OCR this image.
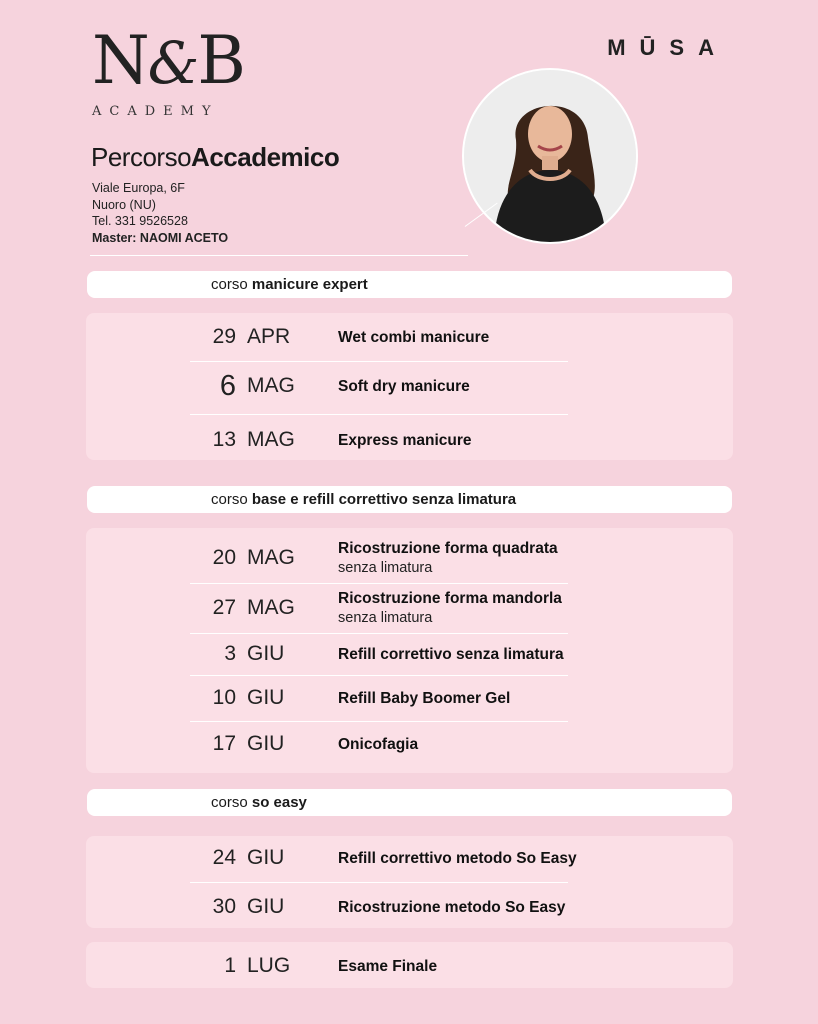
N&B
ACADEMY
MŪSA
PercorsoAccademico
Viale Europa, 6F
Nuoro (NU)
Tel. 331 9526528
Master: NAOMI ACETO
corso manicure expert
29 APR	Wet combi manicure
6 MAG	Soft dry manicure
13 MAG	Express manicure
corso base e refill correttivo senza limatura
20 MAG	Ricostruzione forma quadrata
senza limatura
27 MAG	Ricostruzione forma mandorla
senza limatura
3 GIU	Refill correttivo senza limatura
10 GIU	Refill Baby Boomer Gel
17 GIU	Onicofagia
corso so easy
24 GIU	Refill correttivo metodo So Easy
30 GIU	Ricostruzione metodo So Easy
1 LUG	Esame Finale
